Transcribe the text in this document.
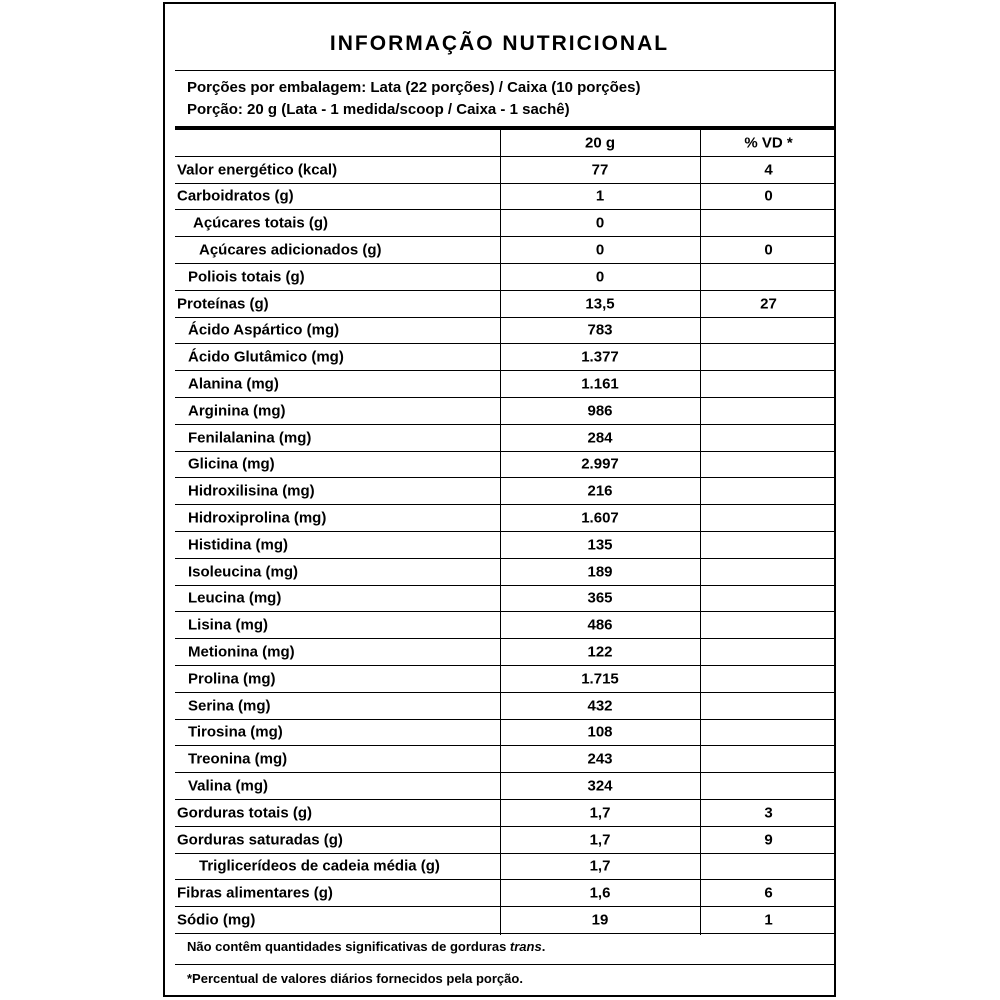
INFORMAÇÃO NUTRICIONAL
Porções por embalagem: Lata (22 porções) / Caixa (10 porções)
Porção: 20 g (Lata - 1 medida/scoop / Caixa - 1 sachê)
20 g	% VD *
Valor energético (kcal)	77	4
Carboidratos (g)	1	0
Açúcares totais (g)	0
Açúcares adicionados (g)	0	0
Poliois totais (g)	0
Proteínas (g)	13,5	27
Ácido Aspártico (mg)	783
Ácido Glutâmico (mg)	1.377
Alanina (mg)	1.161
Arginina (mg)	986
Fenilalanina (mg)	284
Glicina (mg)	2.997
Hidroxilisina (mg)	216
Hidroxiprolina (mg)	1.607
Histidina (mg)	135
Isoleucina (mg)	189
Leucina (mg)	365
Lisina (mg)	486
Metionina (mg)	122
Prolina (mg)	1.715
Serina (mg)	432
Tirosina (mg)	108
Treonina (mg)	243
Valina (mg)	324
Gorduras totais (g)	1,7	3
Gorduras saturadas (g)	1,7	9
Triglicerídeos de cadeia média (g)	1,7
Fibras alimentares (g)	1,6	6
Sódio (mg)	19	1
Não contêm quantidades significativas de gorduras trans.
*Percentual de valores diários fornecidos pela porção.
